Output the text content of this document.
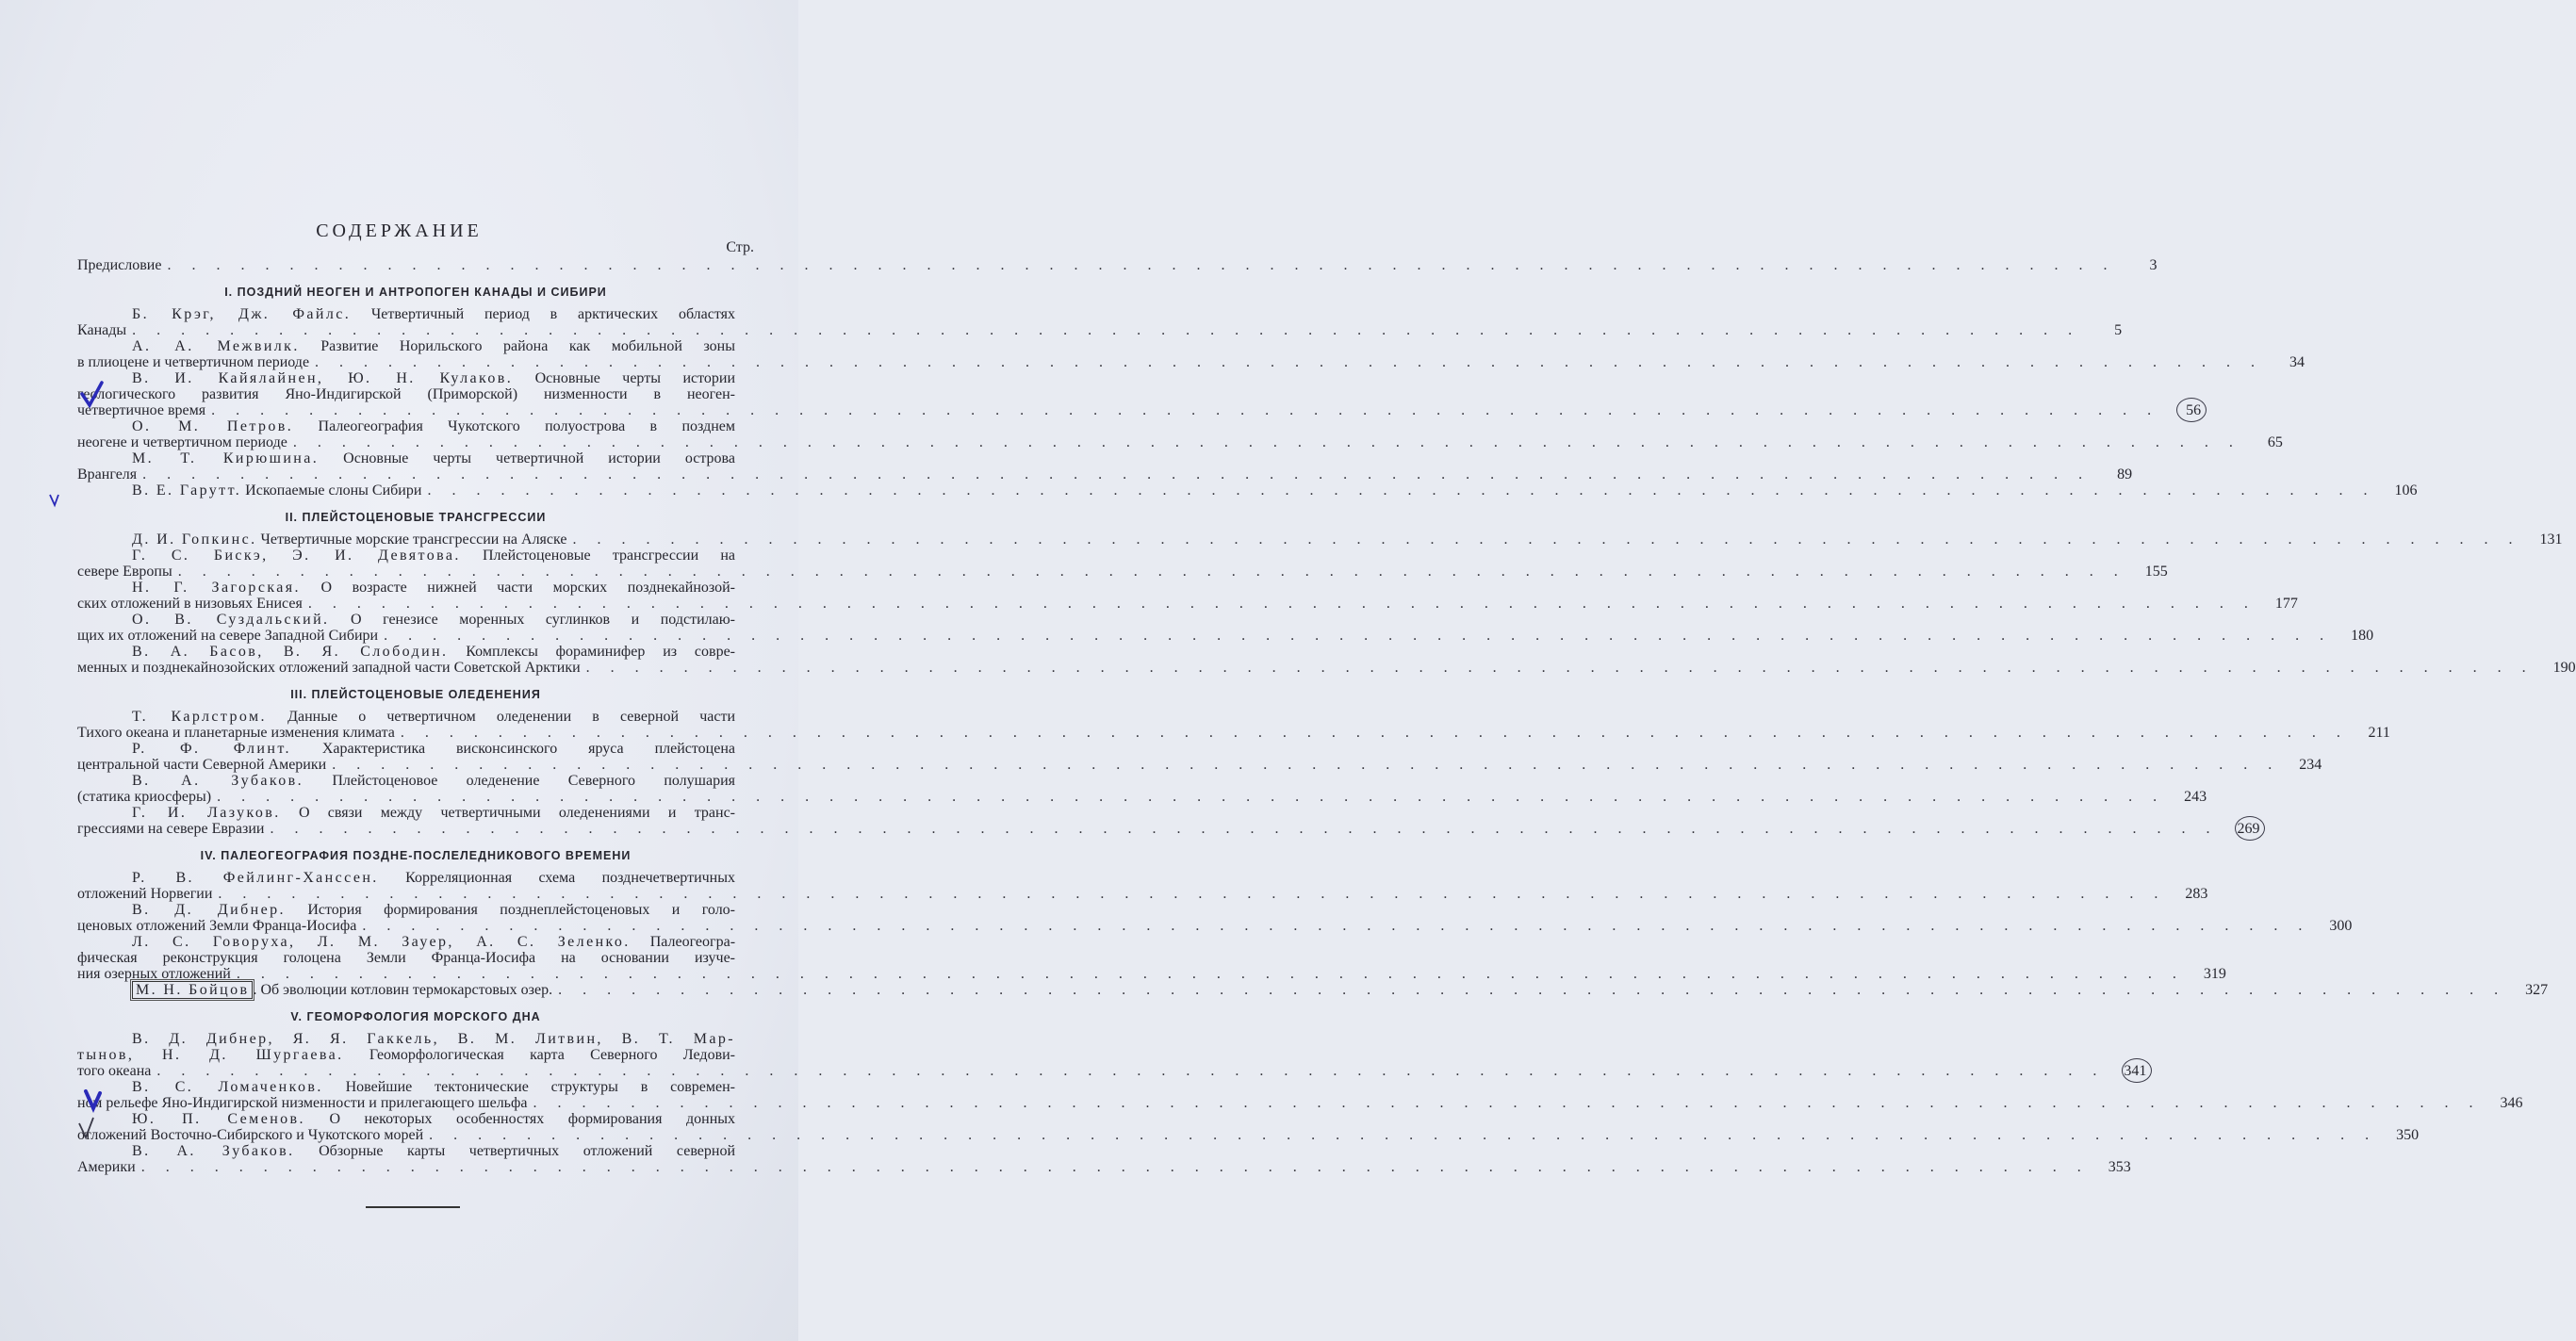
СОДЕРЖАНИЕ
Стр.
I. ПОЗДНИЙ НЕОГЕН И АНТРОПОГЕН КАНАДЫ И СИБИРИ
Б. Крэг, Дж. Файлс. Четвертичный период в арктических областях
Канады . . . . . . . . . . . . . . . . . . . . . . . . . . . . . . . . . . . . . . . . . . . . . . . . . . . . . . . . . . . . . . . . . . . . . . . . . . . . . . . .	5
А. А. Межвилк. Развитие Норильского района как мобильной зоны
в плиоцене и четвертичном периоде . . . . . . . . . . . . . . . . . . . . . . . . . . . . . . . . . . . . . . . . . . . . . . . . . . . . . . . . . . . . . . . . . . . . . . . . . . . . . . . .	34
В. И. Кайялайнен, Ю. Н. Кулаков. Основные черты истории
геологического развития Яно-Индигирской (Приморской) низменности в неоген-
четвертичное время . . . . . . . . . . . . . . . . . . . . . . . . . . . . . . . . . . . . . . . . . . . . . . . . . . . . . . . . . . . . . . . . . . . . . . . . . . . . . . . .	56
О. М. Петров. Палеогеография Чукотского полуострова в позднем
неогене и четвертичном периоде . . . . . . . . . . . . . . . . . . . . . . . . . . . . . . . . . . . . . . . . . . . . . . . . . . . . . . . . . . . . . . . . . . . . . . . . . . . . . . . .	65
М. Т. Кирюшина. Основные черты четвертичной истории острова
Врангеля . . . . . . . . . . . . . . . . . . . . . . . . . . . . . . . . . . . . . . . . . . . . . . . . . . . . . . . . . . . . . . . . . . . . . . . . . . . . . . . .	89
В. Е. Гарутт. Ископаемые слоны Сибири . . . . . . . . . . . . . . . . . . . . . . . . . . . . . . . . . . . . . . . . . . . . . . . . . . . . . . . . . . . . . . . . . . . . . . . . . . . . . . . .	106
II. ПЛЕЙСТОЦЕНОВЫЕ ТРАНСГРЕССИИ
Д. И. Гопкинс. Четвертичные морские трансгрессии на Аляске . . . . . . . . . . . . . . . . . . . . . . . . . . . . . . . . . . . . . . . . . . . . . . . . . . . . . . . . . . . . . . . . . . . . . . . . . . . . . . . .	131
Г. С. Бискэ, Э. И. Девятова. Плейстоценовые трансгрессии на
севере Европы . . . . . . . . . . . . . . . . . . . . . . . . . . . . . . . . . . . . . . . . . . . . . . . . . . . . . . . . . . . . . . . . . . . . . . . . . . . . . . . .	155
Н. Г. Загорская. О возрасте нижней части морских позднекайнозой-
ских отложений в низовьях Енисея . . . . . . . . . . . . . . . . . . . . . . . . . . . . . . . . . . . . . . . . . . . . . . . . . . . . . . . . . . . . . . . . . . . . . . . . . . . . . . . .	177
О. В. Суздальский. О генезисе моренных суглинков и подстилаю-
щих их отложений на севере Западной Сибири . . . . . . . . . . . . . . . . . . . . . . . . . . . . . . . . . . . . . . . . . . . . . . . . . . . . . . . . . . . . . . . . . . . . . . . . . . . . . . . .	180
В. А. Басов, В. Я. Слободин. Комплексы фораминифер из совре-
менных и позднекайнозойских отложений западной части Советской Арктики . . . . . . . . . . . . . . . . . . . . . . . . . . . . . . . . . . . . . . . . . . . . . . . . . . . . . . . . . . . . . . . . . . . . . . . . . . . . . . . .	190
III. ПЛЕЙСТОЦЕНОВЫЕ ОЛЕДЕНЕНИЯ
Т. Карлстром. Данные о четвертичном оледенении в северной части
Тихого океана и планетарные изменения климата . . . . . . . . . . . . . . . . . . . . . . . . . . . . . . . . . . . . . . . . . . . . . . . . . . . . . . . . . . . . . . . . . . . . . . . . . . . . . . . .	211
Р. Ф. Флинт. Характеристика висконсинского яруса плейстоцена
центральной части Северной Америки . . . . . . . . . . . . . . . . . . . . . . . . . . . . . . . . . . . . . . . . . . . . . . . . . . . . . . . . . . . . . . . . . . . . . . . . . . . . . . . .	234
В. А. Зубаков. Плейстоценовое оледенение Северного полушария
(статика криосферы) . . . . . . . . . . . . . . . . . . . . . . . . . . . . . . . . . . . . . . . . . . . . . . . . . . . . . . . . . . . . . . . . . . . . . . . . . . . . . . . .	243
Г. И. Лазуков. О связи между четвертичными оледенениями и транс-
грессиями на севере Евразии . . . . . . . . . . . . . . . . . . . . . . . . . . . . . . . . . . . . . . . . . . . . . . . . . . . . . . . . . . . . . . . . . . . . . . . . . . . . . . . .	269
IV. ПАЛЕОГЕОГРАФИЯ ПОЗДНЕ-ПОСЛЕЛЕДНИКОВОГО ВРЕМЕНИ
Р. В. Фейлинг-Ханссен. Корреляционная схема позднечетвертичных
отложений Норвегии . . . . . . . . . . . . . . . . . . . . . . . . . . . . . . . . . . . . . . . . . . . . . . . . . . . . . . . . . . . . . . . . . . . . . . . . . . . . . . . .	283
В. Д. Дибнер. История формирования позднеплейстоценовых и голо-
ценовых отложений Земли Франца-Иосифа . . . . . . . . . . . . . . . . . . . . . . . . . . . . . . . . . . . . . . . . . . . . . . . . . . . . . . . . . . . . . . . . . . . . . . . . . . . . . . . .	300
Л. С. Говоруха, Л. М. Зауер, А. С. Зеленко. Палеогеогра-
фическая реконструкция голоцена Земли Франца-Иосифа на основании изуче-
ния озерных отложений . . . . . . . . . . . . . . . . . . . . . . . . . . . . . . . . . . . . . . . . . . . . . . . . . . . . . . . . . . . . . . . . . . . . . . . . . . . . . . . .	319
М. Н. Бойцов . Об эволюции котловин термокарстовых озер. . . . . . . . . . . . . . . . . . . . . . . . . . . . . . . . . . . . . . . . . . . . . . . . . . . . . . . . . . . . . . . . . . . . . . . . . . . . . . . . .	327
V. ГЕОМОРФОЛОГИЯ МОРСКОГО ДНА
В. Д. Дибнер, Я. Я. Гаккель, В. М. Литвин, В. Т. Мар-
тынов, Н. Д. Шургаева. Геоморфологическая карта Северного Ледови-
того океана . . . . . . . . . . . . . . . . . . . . . . . . . . . . . . . . . . . . . . . . . . . . . . . . . . . . . . . . . . . . . . . . . . . . . . . . . . . . . . . .	341
В. С. Ломаченков. Новейшие тектонические структуры в современ-
ном рельефе Яно-Индигирской низменности и прилегающего шельфа . . . . . . . . . . . . . . . . . . . . . . . . . . . . . . . . . . . . . . . . . . . . . . . . . . . . . . . . . . . . . . . . . . . . . . . . . . . . . . . .	346
Ю. П. Семенов. О некоторых особенностях формирования донных
отложений Восточно-Сибирского и Чукотского морей . . . . . . . . . . . . . . . . . . . . . . . . . . . . . . . . . . . . . . . . . . . . . . . . . . . . . . . . . . . . . . . . . . . . . . . . . . . . . . . .	350
В. А. Зубаков. Обзорные карты четвертичных отложений северной
Америки . . . . . . . . . . . . . . . . . . . . . . . . . . . . . . . . . . . . . . . . . . . . . . . . . . . . . . . . . . . . . . . . . . . . . . . . . . . . . . . .	353
Предисловие . . . . . . . . . . . . . . . . . . . . . . . . . . . . . . . . . . . . . . . . . . . . . . . . . . . . . . . . . . . . . . . . . . . . . . . . . . . . . . . .	3
